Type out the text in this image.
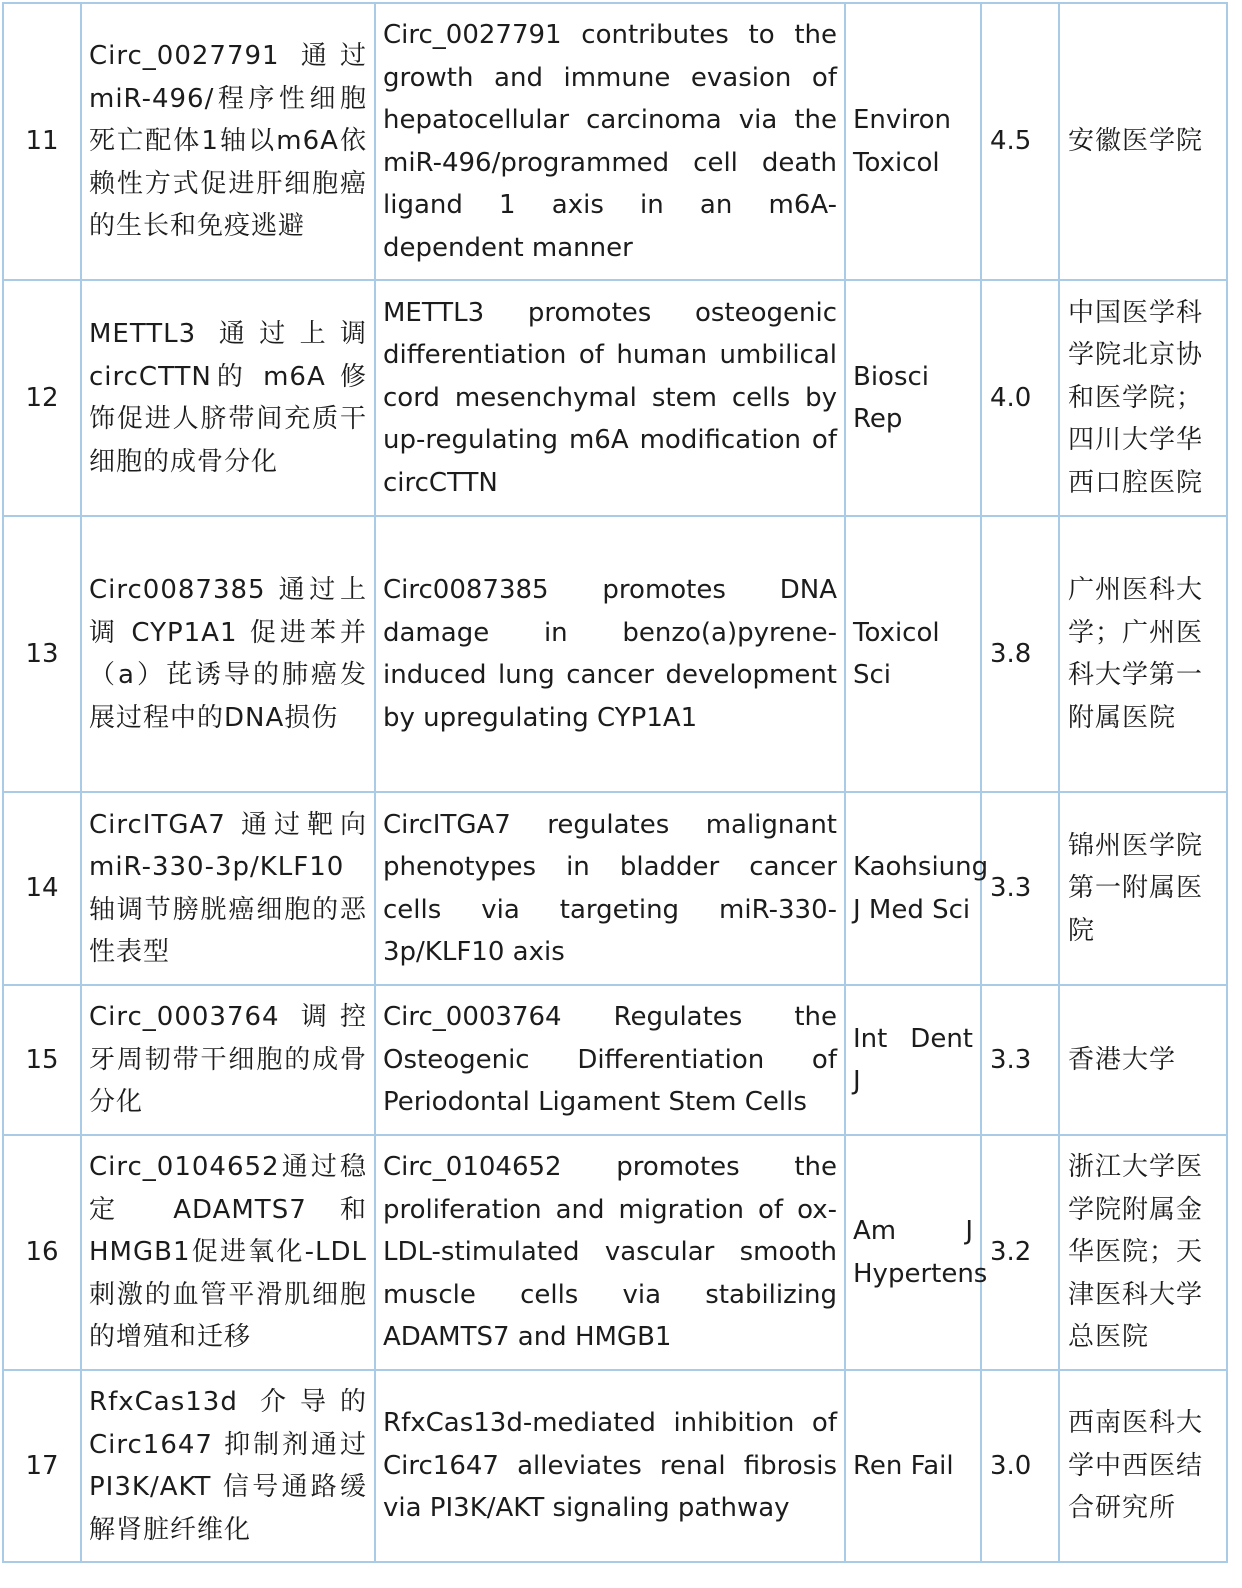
11	Circ_0027791 通过miR-496/程序性细胞死亡配体1轴以m6A依赖性方式促进肝细胞癌的生长和免疫逃避	Circ_0027791 contributes to the growth and immune evasion of hepatocellular carcinoma via the miR-496/programmed cell death ligand 1 axis in an m6A-dependent manner	Environ Toxicol	4.5	安徽医学院
12	METTL3 通过上调circCTTN的 m6A 修饰促进人脐带间充质干细胞的成骨分化	METTL3 promotes osteogenic differentiation of human umbilical cord mesenchymal stem cells by up-regulating m6A modification of circCTTN	Biosci Rep	4.0	中国医学科学院北京协和医学院；四川大学华西口腔医院
13	Circ0087385 通过上调 CYP1A1 促进苯并（a）芘诱导的肺癌发展过程中的DNA损伤	Circ0087385 promotes DNA damage in benzo(a)pyrene-induced lung cancer development by upregulating CYP1A1	Toxicol Sci	3.8	广州医科大学；广州医科大学第一附属医院
14	CircITGA7 通过靶向 miR-330-3p/KLF10 轴调节膀胱癌细胞的恶性表型	CircITGA7 regulates malignant phenotypes in bladder cancer cells via targeting miR-330-3p/KLF10 axis	Kaohsiung J Med Sci	3.3	锦州医学院第一附属医院
15	Circ_0003764 调控牙周韧带干细胞的成骨分化	Circ_0003764 Regulates the Osteogenic Differentiation of Periodontal Ligament Stem Cells	Int Dent J	3.3	香港大学
16	Circ_0104652通过稳定 ADAMTS7 和 HMGB1促进氧化-LDL刺激的血管平滑肌细胞的增殖和迁移	Circ_0104652 promotes the proliferation and migration of ox-LDL-stimulated vascular smooth muscle cells via stabilizing ADAMTS7 and HMGB1	Am J Hypertens	3.2	浙江大学医学院附属金华医院；天津医科大学总医院
17	RfxCas13d 介导的 Circ1647 抑制剂通过 PI3K/AKT 信号通路缓解肾脏纤维化	RfxCas13d-mediated inhibition of Circ1647 alleviates renal fibrosis via PI3K/AKT signaling pathway	Ren Fail	3.0	西南医科大学中西医结合研究所
